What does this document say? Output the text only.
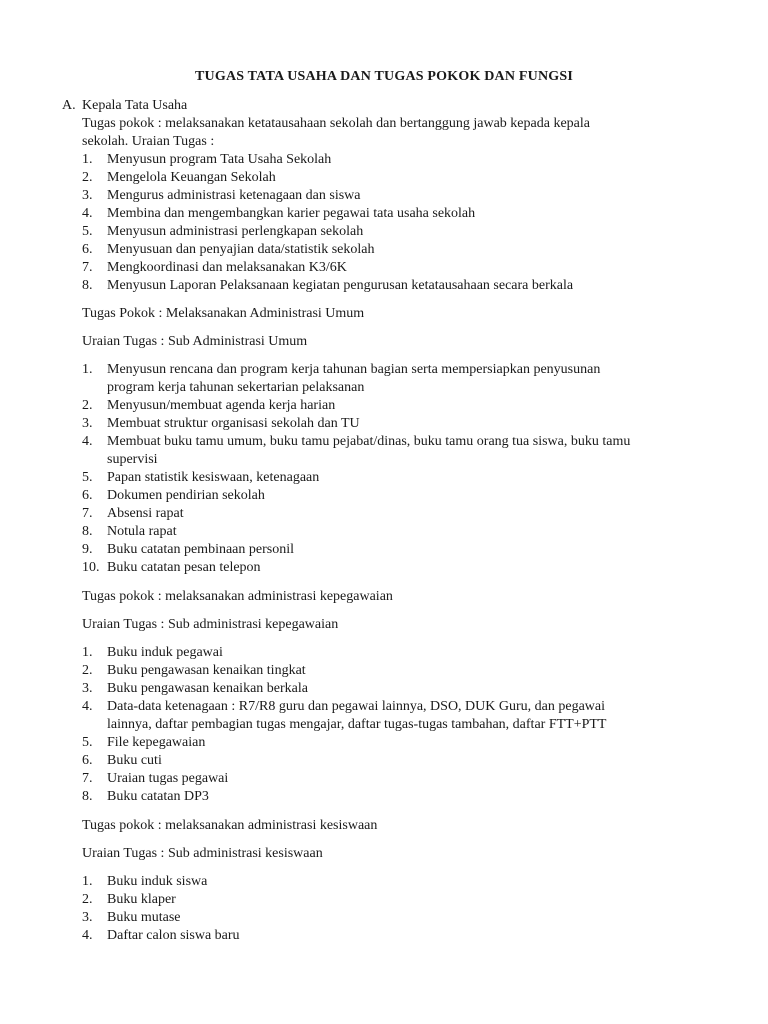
TUGAS TATA USAHA DAN TUGAS POKOK DAN FUNGSI
A. Kepala Tata Usaha
Tugas pokok : melaksanakan ketatausahaan sekolah dan bertanggung jawab kepada kepala
sekolah. Uraian Tugas :
1. Menyusun program Tata Usaha Sekolah
2. Mengelola Keuangan Sekolah
3. Mengurus administrasi ketenagaan dan siswa
4. Membina dan mengembangkan karier pegawai tata usaha sekolah
5. Menyusun administrasi perlengkapan sekolah
6. Menyusuan dan penyajian data/statistik sekolah
7. Mengkoordinasi dan melaksanakan K3/6K
8. Menyusun Laporan Pelaksanaan kegiatan pengurusan ketatausahaan secara berkala
Tugas Pokok : Melaksanakan Administrasi Umum
Uraian Tugas : Sub Administrasi Umum
1. Menyusun rencana dan program kerja tahunan bagian serta mempersiapkan penyusunan
program kerja tahunan sekertarian pelaksanan
2. Menyusun/membuat agenda kerja harian
3. Membuat struktur organisasi sekolah dan TU
4. Membuat buku tamu umum, buku tamu pejabat/dinas, buku tamu orang tua siswa, buku tamu
supervisi
5. Papan statistik kesiswaan, ketenagaan
6. Dokumen pendirian sekolah
7. Absensi rapat
8. Notula rapat
9. Buku catatan pembinaan personil
10. Buku catatan pesan telepon
Tugas pokok : melaksanakan administrasi kepegawaian
Uraian Tugas : Sub administrasi kepegawaian
1. Buku induk pegawai
2. Buku pengawasan kenaikan tingkat
3. Buku pengawasan kenaikan berkala
4. Data-data ketenagaan : R7/R8 guru dan pegawai lainnya, DSO, DUK Guru, dan pegawai
lainnya, daftar pembagian tugas mengajar, daftar tugas-tugas tambahan, daftar FTT+PTT
5. File kepegawaian
6. Buku cuti
7. Uraian tugas pegawai
8. Buku catatan DP3
Tugas pokok : melaksanakan administrasi kesiswaan
Uraian Tugas : Sub administrasi kesiswaan
1. Buku induk siswa
2. Buku klaper
3. Buku mutase
4. Daftar calon siswa baru
